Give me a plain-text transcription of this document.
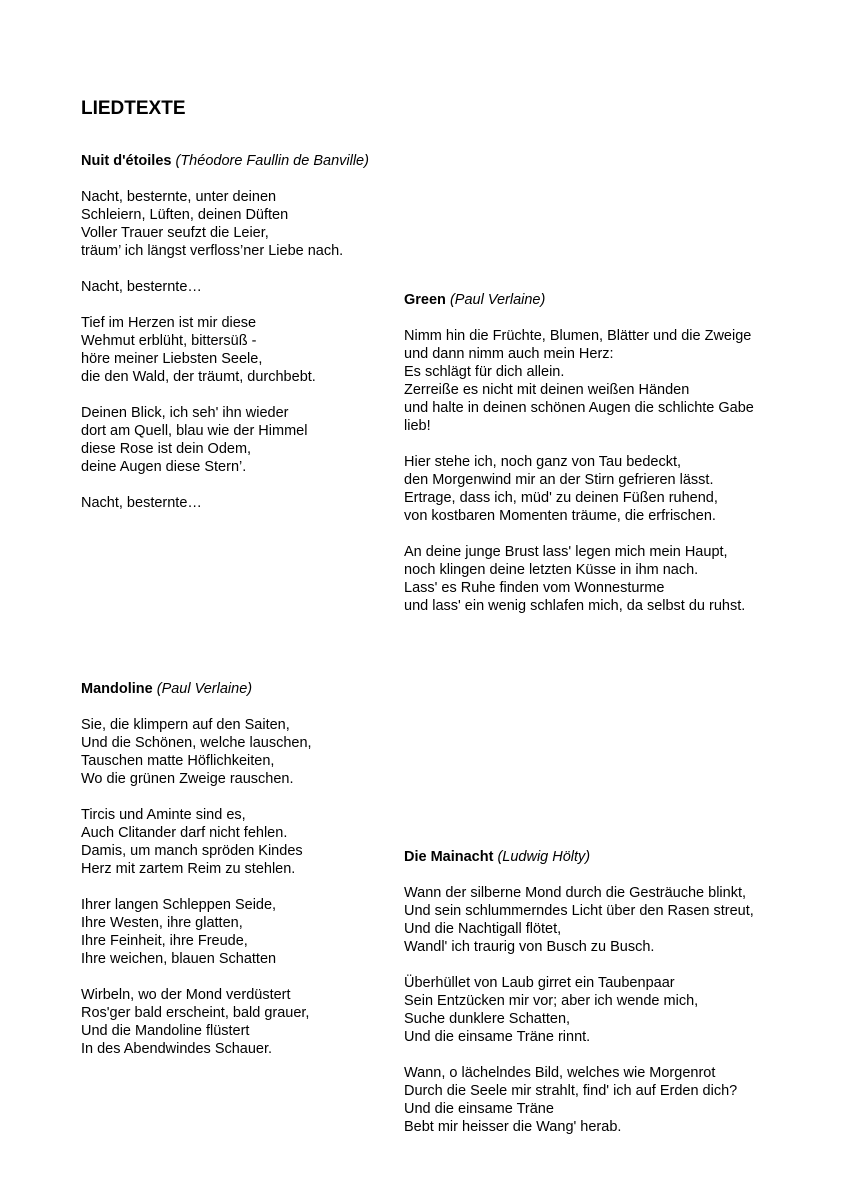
LIEDTEXTE

Nuit d'étoiles (Théodore Faullin de Banville)

Nacht, besternte, unter deinen
Schleiern, Lüften, deinen Düften
Voller Trauer seufzt die Leier,
träum’ ich längst verfloss’ner Liebe nach.
Nacht, besternte…
Tief im Herzen ist mir diese
Wehmut erblüht, bittersüß -
höre meiner Liebsten Seele,
die den Wald, der träumt, durchbebt.
Deinen Blick, ich seh' ihn wieder
dort am Quell, blau wie der Himmel
diese Rose ist dein Odem,
deine Augen diese Stern’.
Nacht, besternte…

Green (Paul Verlaine)

Nimm hin die Früchte, Blumen, Blätter und die Zweige
und dann nimm auch mein Herz:
Es schlägt für dich allein.
Zerreiße es nicht mit deinen weißen Händen
und halte in deinen schönen Augen die schlichte Gabe
lieb!
Hier stehe ich, noch ganz von Tau bedeckt,
den Morgenwind mir an der Stirn gefrieren lässt.
Ertrage, dass ich, müd' zu deinen Füßen ruhend,
von kostbaren Momenten träume, die erfrischen.
An deine junge Brust lass' legen mich mein Haupt,
noch klingen deine letzten Küsse in ihm nach.
Lass' es Ruhe finden vom Wonnesturme
und lass' ein wenig schlafen mich, da selbst du ruhst.

Mandoline (Paul Verlaine)

Sie, die klimpern auf den Saiten,
Und die Schönen, welche lauschen,
Tauschen matte Höflichkeiten,
Wo die grünen Zweige rauschen.
Tircis und Aminte sind es,
Auch Clitander darf nicht fehlen.
Damis, um manch spröden Kindes
Herz mit zartem Reim zu stehlen.
Ihrer langen Schleppen Seide,
Ihre Westen, ihre glatten,
Ihre Feinheit, ihre Freude,
Ihre weichen, blauen Schatten
Wirbeln, wo der Mond verdüstert
Ros'ger bald erscheint, bald grauer,
Und die Mandoline flüstert
In des Abendwindes Schauer.

Die Mainacht (Ludwig Hölty)

Wann der silberne Mond durch die Gesträuche blinkt,
Und sein schlummerndes Licht über den Rasen streut,
Und die Nachtigall flötet,
Wandl' ich traurig von Busch zu Busch.
Überhüllet von Laub girret ein Taubenpaar
Sein Entzücken mir vor; aber ich wende mich,
Suche dunklere Schatten,
Und die einsame Träne rinnt.
Wann, o lächelndes Bild, welches wie Morgenrot
Durch die Seele mir strahlt, find' ich auf Erden dich?
Und die einsame Träne
Bebt mir heisser die Wang' herab.
